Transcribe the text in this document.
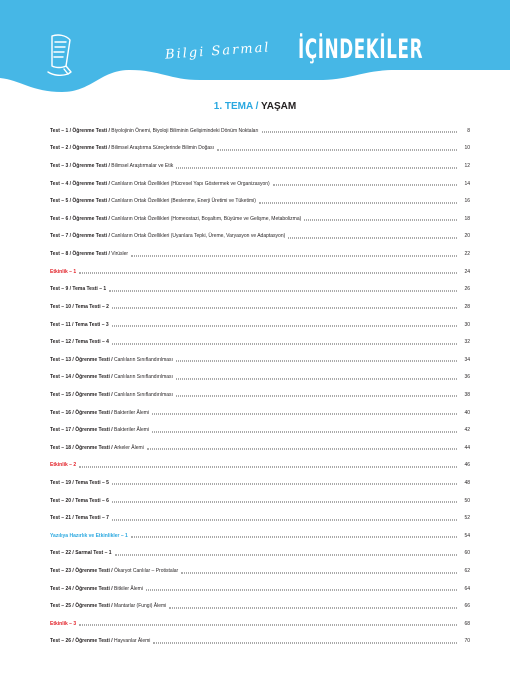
Bilgi Sarmal İÇİNDEKİLER
1. TEMA / YAŞAM
Test – 1 / Öğrenme Testi / Biyolojinin Önemi, Biyoloji Biliminin Gelişimindeki Dönüm Noktaları	8
Test – 2 / Öğrenme Testi / Bilimsel Araştırma Süreçlerinde Bilimin Doğası	10
Test – 3 / Öğrenme Testi / Bilimsel Araştırmalar ve Etik	12
Test – 4 / Öğrenme Testi / Canlıların Ortak Özellikleri (Hücresel Yapı Göstermek ve Organizasyon)	14
Test – 5 / Öğrenme Testi / Canlıların Ortak Özellikleri (Beslenme, Enerji Üretimi ve Tüketimi)	16
Test – 6 / Öğrenme Testi / Canlıların Ortak Özellikleri (Homeostazi, Boşaltım, Büyüme ve Gelişme, Metabolizma)	18
Test – 7 / Öğrenme Testi / Canlıların Ortak Özellikleri (Uyarılara Tepki, Üreme, Varyasyon ve Adaptasyon)	20
Test – 8 / Öğrenme Testi / Virüsler	22
Etkinlik – 1	24
Test – 9 / Tema Testi – 1	26
Test – 10 / Tema Testi – 2	28
Test – 11 / Tema Testi – 3	30
Test – 12 / Tema Testi – 4	32
Test – 13 / Öğrenme Testi / Canlıların Sınıflandırılması	34
Test – 14 / Öğrenme Testi / Canlıların Sınıflandırılması	36
Test – 15 / Öğrenme Testi / Canlıların Sınıflandırılması	38
Test – 16 / Öğrenme Testi / Bakteriler Âlemi	40
Test – 17 / Öğrenme Testi / Bakteriler Âlemi	42
Test – 18 / Öğrenme Testi / Arkeler Âlemi	44
Etkinlik – 2	46
Test – 19 / Tema Testi – 5	48
Test – 20 / Tema Testi – 6	50
Test – 21 / Tema Testi – 7	52
Yazılıya Hazırlık ve Etkinlikler – 1	54
Test – 22 / Sarmal Test – 1	60
Test – 23 / Öğrenme Testi / Ökaryot Canlılar – Protistalar	62
Test – 24 / Öğrenme Testi / Bitkiler Âlemi	64
Test – 25 / Öğrenme Testi / Mantarlar (Fungi) Âlemi	66
Etkinlik – 3	68
Test – 26 / Öğrenme Testi / Hayvanlar Âlemi	70
